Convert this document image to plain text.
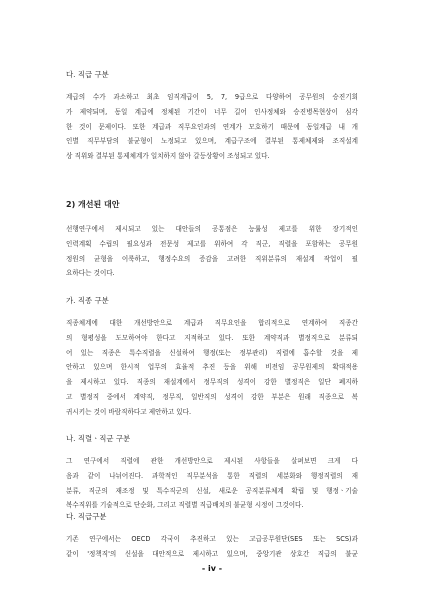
다. 직급 구분
계급의 수가 과소하고 최초 임직계급이 5, 7, 9급으로 다양하여 공무원의 승진기회
가 제약되며, 동일 계급에 정체된 기간이 너무 길어 인사정체와 승진병목현상이 심각
한 것이 문제이다. 또한 계급과 직무요인과의 연계가 모호하기 때문에 동일계급 내 개
인별 직무부담의 불균형이 노정되고 있으며, 계급구조에 결부된 통제체제와 조직설계
상 직위와 결부된 통제체계가 일치하지 않아 갈등상황이 조성되고 있다.
2) 개선된 대안
선행연구에서 제시되고 있는 대안들의 공통점은 능률성 제고를 위한 장기적인
인력계획 수립의 필요성과 전문성 제고를 위하여 각 직군, 직렬을 포함하는 공무원
정원의 균형을 이룩하고, 행정수요의 증감을 고려한 직위분류의 재설계 작업이 필
요하다는 것이다.
가. 직종 구분
직종체계에 대한 개선방안으로 계급과 직무요인을 합리적으로 연계하여 직종간
의 형평성을 도모하여야 한다고 지적하고 있다. 또한 계약직과 별정직으로 분류되
어 있는 직종은 특수직렬을 신설하여 행정(또는 정부관리) 직렬에 흡수할 것을 제
안하고 있으며 한시적 업무의 효율적 추진 등을 위해 비전임 공무원제의 확대적용
을 제시하고 있다. 직종의 재설계에서 정무직의 성격이 강한 별정직은 일단 폐지하
고 별정직 중에서 계약직, 정무직, 일반직의 성격이 강한 부분은 원래 직종으로 복
귀시키는 것이 바람직하다고 제안하고 있다.
나. 직렬ㆍ직군 구분
그 연구에서 직렬에 관한 개선방안으로 제시된 사항들을 살펴보면 크게 다
음과 같이 나뉘어진다. 과학적인 직무분석을 통한 직렬의 세분화와 행정직렬의 재
분류, 직군의 재조정 및 특수직군의 신설, 새로운 공직분류체계 확립 및 행정ㆍ기술
복수직위를 기술적으로 단순화, 그리고 직렬별 직급배치의 불균형 시정이 그것이다.
다. 직급구분
기존 연구에서는 OECD 각국이 추진하고 있는 고급공무원단(SES 또는 SCS)과
같이 '정책직'의 신설을 대안적으로 제시하고 있으며, 중앙기관 상호간 직급의 불균
- iv -
